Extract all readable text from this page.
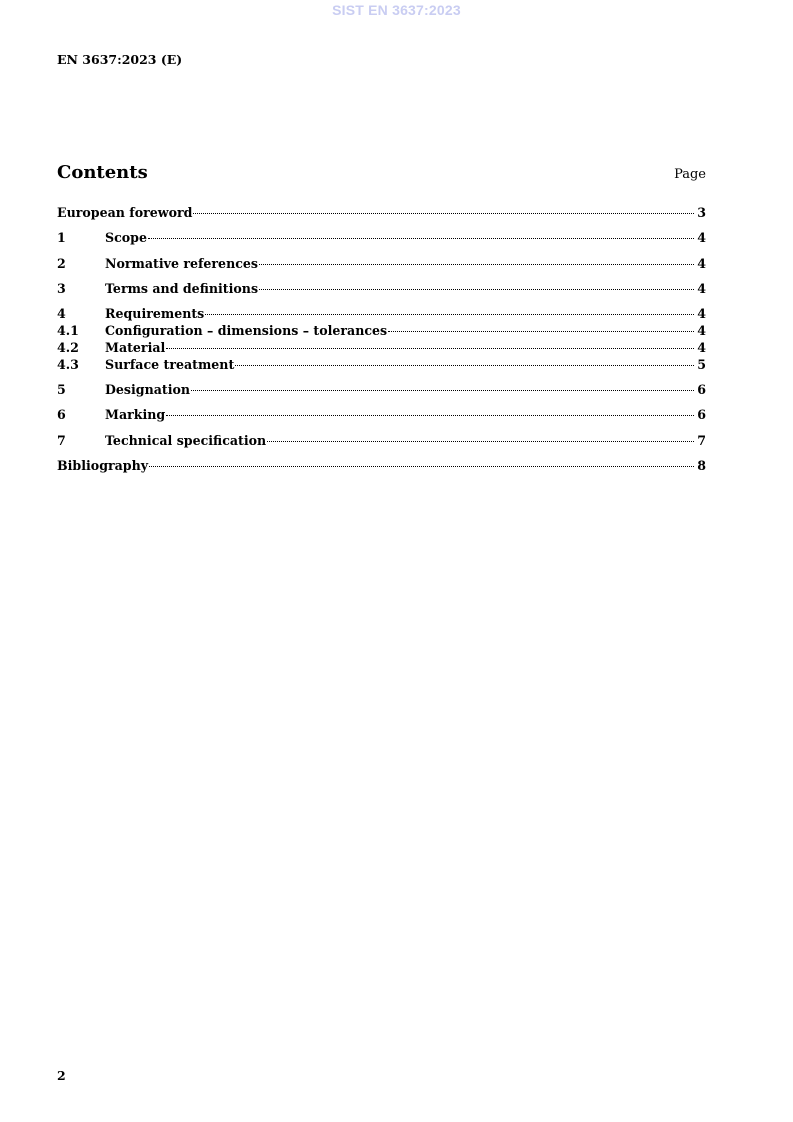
SIST EN 3637:2023
EN 3637:2023 (E)
Contents	Page
European foreword	3
1	Scope	4
2	Normative references	4
3	Terms and definitions	4
4	Requirements	4
4.1	Configuration – dimensions – tolerances	4
4.2	Material	4
4.3	Surface treatment	5
5	Designation	6
6	Marking	6
7	Technical specification	7
Bibliography	8
2
